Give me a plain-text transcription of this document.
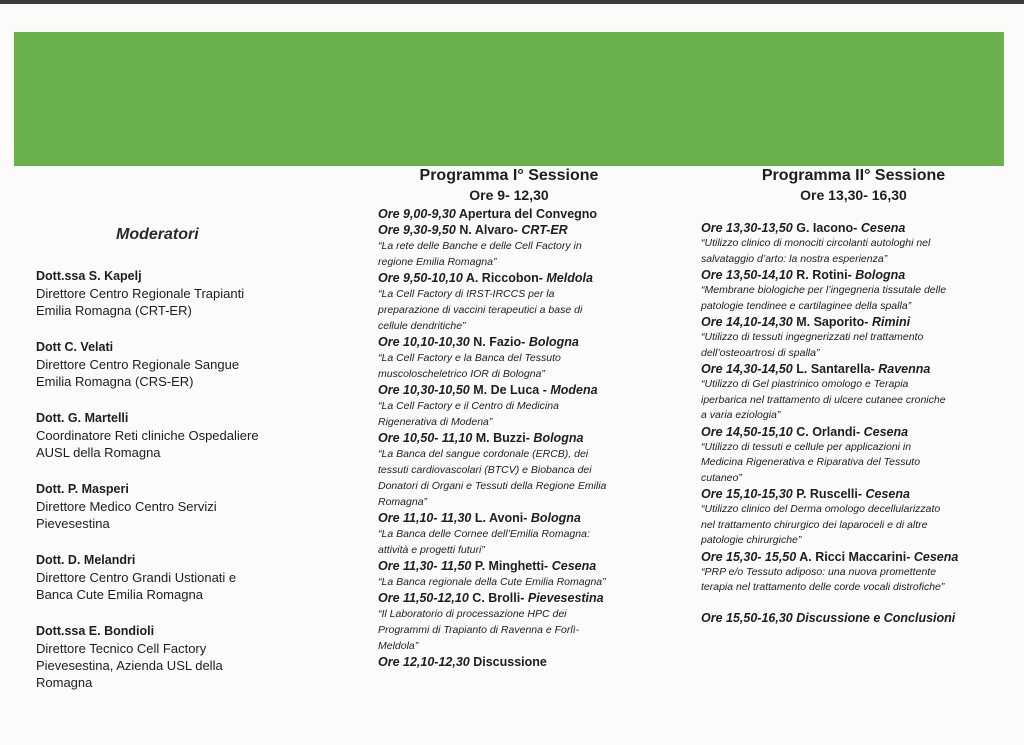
Moderatori
Dott.ssa S. Kapelj
Direttore Centro Regionale Trapianti
Emilia Romagna (CRT-ER)
Dott C. Velati
Direttore Centro Regionale Sangue
Emilia Romagna (CRS-ER)
Dott. G. Martelli
Coordinatore Reti cliniche Ospedaliere
AUSL della Romagna
Dott. P. Masperi
Direttore Medico Centro Servizi
Pievesestina
Dott. D. Melandri
Direttore Centro Grandi Ustionati e
Banca Cute Emilia Romagna
Dott.ssa E. Bondioli
Direttore Tecnico Cell Factory
Pievesestina, Azienda USL della
Romagna
Programma I° Sessione
Ore 9- 12,30
Ore 9,00-9,30 Apertura del Convegno
Ore 9,30-9,50 N. Alvaro- CRT-ER
“La rete delle Banche e delle Cell Factory in
regione Emilia Romagna”
Ore 9,50-10,10 A. Riccobon- Meldola
“La Cell Factory di IRST-IRCCS per la
preparazione di vaccini terapeutici a base di
cellule dendritiche”
Ore 10,10-10,30 N. Fazio- Bologna
“La Cell Factory e la Banca del Tessuto
muscoloscheletrico IOR di Bologna”
Ore 10,30-10,50 M. De Luca - Modena
“La Cell Factory e il Centro di Medicina
Rigenerativa di Modena”
Ore 10,50- 11,10 M. Buzzi- Bologna
“La Banca del sangue cordonale (ERCB), dei
tessuti cardiovascolari (BTCV) e Biobanca dei
Donatori di Organi e Tessuti della Regione Emilia
Romagna”
Ore 11,10- 11,30 L. Avoni- Bologna
“La Banca delle Cornee dell’Emilia Romagna:
attività e progetti futuri”
Ore 11,30- 11,50 P. Minghetti- Cesena
“La Banca regionale della Cute Emilia Romagna”
Ore 11,50-12,10 C. Brolli- Pievesestina
“Il Laboratorio di processazione HPC dei
Programmi di Trapianto di Ravenna e Forlì-
Meldola”
Ore 12,10-12,30 Discussione
Programma II° Sessione
Ore 13,30- 16,30
Ore 13,30-13,50 G. Iacono- Cesena
“Utilizzo clinico di monociti circolanti autologhi nel
salvataggio d’arto: la nostra esperienza”
Ore 13,50-14,10 R. Rotini- Bologna
“Membrane biologiche per l’ingegneria tissutale delle
patologie tendinee e cartilaginee della spalla”
Ore 14,10-14,30 M. Saporito- Rimini
“Utilizzo di tessuti ingegnerizzati nel trattamento
dell’osteoartrosi di spalla”
Ore 14,30-14,50 L. Santarella- Ravenna
“Utilizzo di Gel piastrinico omologo e Terapia
iperbarica nel trattamento di ulcere cutanee croniche
a varia eziologia”
Ore 14,50-15,10 C. Orlandi- Cesena
“Utilizzo di tessuti e cellule per applicazioni in
Medicina Rigenerativa e Riparativa del Tessuto
cutaneo”
Ore 15,10-15,30 P. Ruscelli- Cesena
“Utilizzo clinico del Derma omologo decellularizzato
nel trattamento chirurgico dei laparoceli e di altre
patologie chirurgiche”
Ore 15,30- 15,50 A. Ricci Maccarini- Cesena
“PRP e/o Tessuto adiposo: una nuova promettente
terapia nel trattamento delle corde vocali distrofiche”
Ore 15,50-16,30 Discussione e Conclusioni
